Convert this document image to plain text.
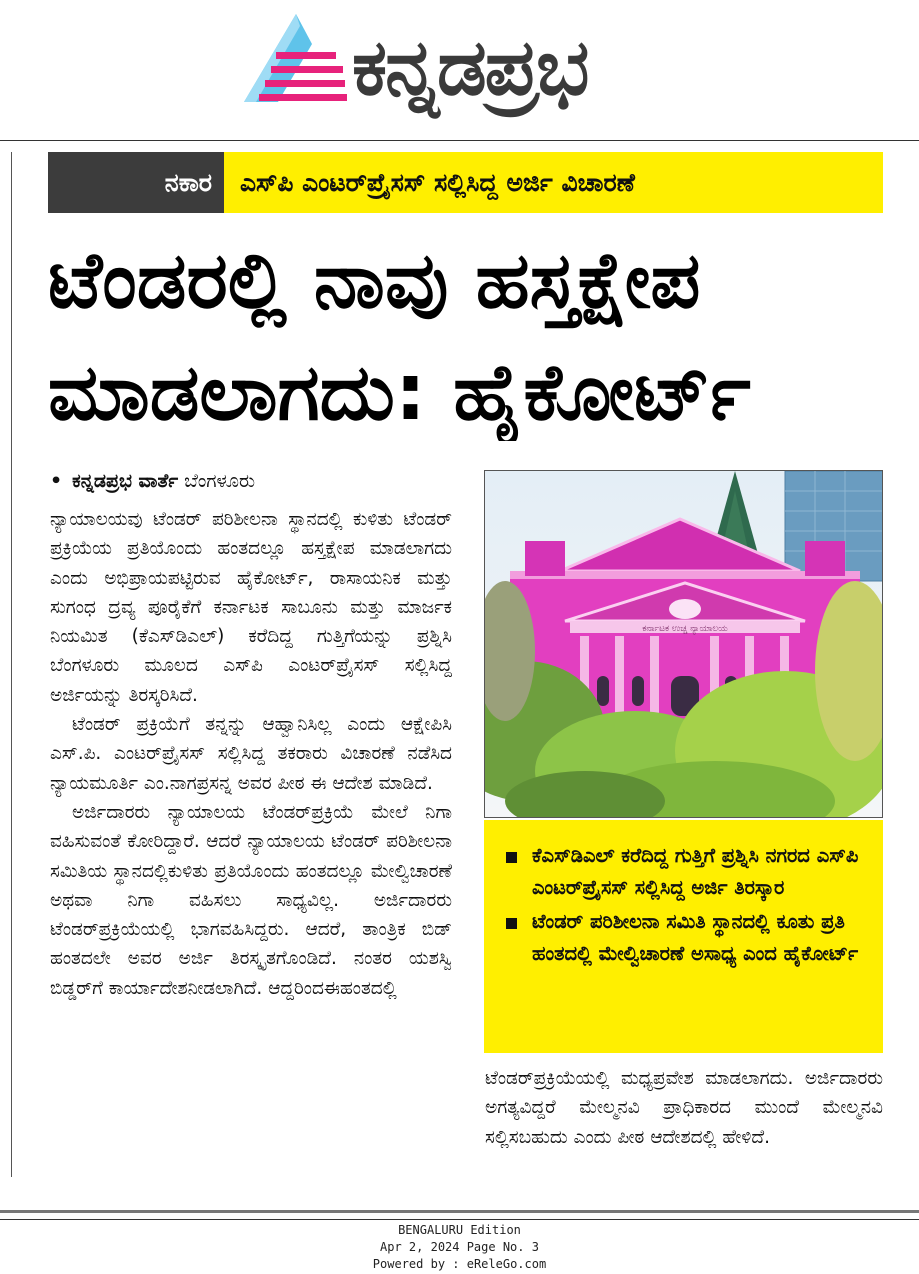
ಕನ್ನಡಪ್ರಭ
ನಕಾರ	ಎಸ್‌ಪಿ ಎಂಟರ್‌ಪ್ರೈಸಸ್ ಸಲ್ಲಿಸಿದ್ದ ಅರ್ಜಿ ವಿಚಾರಣೆ
ಟೆಂಡರಲ್ಲಿ ನಾವು ಹಸ್ತಕ್ಷೇಪ
ಮಾಡಲಾಗದು: ಹೈಕೋರ್ಟ್
• ಕನ್ನಡಪ್ರಭ ವಾರ್ತೆ ಬೆಂಗಳೂರು

ನ್ಯಾಯಾಲಯವು ಟೆಂಡರ್ ಪರಿಶೀಲನಾ ಸ್ಥಾನದಲ್ಲಿ ಕುಳಿತು ಟೆಂಡರ್ ಪ್ರಕ್ರಿಯೆಯ ಪ್ರತಿಯೊಂದು ಹಂತದಲ್ಲೂ ಹಸ್ತಕ್ಷೇಪ ಮಾಡಲಾಗದು ಎಂದು ಅಭಿಪ್ರಾಯಪಟ್ಟಿರುವ ಹೈಕೋರ್ಟ್, ರಾಸಾಯನಿಕ ಮತ್ತು ಸುಗಂಧ ದ್ರವ್ಯ ಪೂರೈಕೆಗೆ ಕರ್ನಾಟಕ ಸಾಬೂನು ಮತ್ತು ಮಾರ್ಜಕ ನಿಯಮಿತ (ಕೆಎಸ್‌ಡಿಎಲ್) ಕರೆದಿದ್ದ ಗುತ್ತಿಗೆಯನ್ನು ಪ್ರಶ್ನಿಸಿ ಬೆಂಗಳೂರು ಮೂಲದ ಎಸ್‌ಪಿ ಎಂಟರ್‌ಪ್ರೈಸಸ್ ಸಲ್ಲಿಸಿದ್ದ ಅರ್ಜಿಯನ್ನು ತಿರಸ್ಕರಿಸಿದೆ.

ಟೆಂಡರ್ ಪ್ರಕ್ರಿಯೆಗೆ ತನ್ನನ್ನು ಆಹ್ವಾನಿಸಿಲ್ಲ ಎಂದು ಆಕ್ಷೇಪಿಸಿ ಎಸ್.ಪಿ. ಎಂಟರ್‌ಪ್ರೈಸಸ್ ಸಲ್ಲಿಸಿದ್ದ ತಕರಾರು ವಿಚಾರಣೆ ನಡೆಸಿದ ನ್ಯಾಯಮೂರ್ತಿ ಎಂ.ನಾಗಪ್ರಸನ್ನ ಅವರ ಪೀಠ ಈ ಆದೇಶ ಮಾಡಿದೆ.

ಅರ್ಜಿದಾರರು ನ್ಯಾಯಾಲಯ ಟೆಂಡರ್‌ಪ್ರಕ್ರಿಯೆ ಮೇಲೆ ನಿಗಾ ವಹಿಸುವಂತೆ ಕೋರಿದ್ದಾರೆ. ಆದರೆ ನ್ಯಾಯಾಲಯ ಟೆಂಡರ್ ಪರಿಶೀಲನಾ ಸಮಿತಿಯ ಸ್ಥಾನದಲ್ಲಿಕುಳಿತು ಪ್ರತಿಯೊಂದು ಹಂತದಲ್ಲೂ ಮೇಲ್ವಿಚಾರಣೆ ಅಥವಾ ನಿಗಾ ವಹಿಸಲು ಸಾಧ್ಯವಿಲ್ಲ. ಅರ್ಜಿದಾರರು ಟೆಂಡರ್‌ಪ್ರಕ್ರಿಯೆಯಲ್ಲಿ ಭಾಗವಹಿಸಿದ್ದರು. ಆದರೆ, ತಾಂತ್ರಿಕ ಬಿಡ್ ಹಂತದಲೇ ಅವರ ಅರ್ಜಿ ತಿರಸ್ಕೃತಗೊಂಡಿದೆ. ನಂತರ ಯಶಸ್ವಿ ಬಿಡ್ಡರ್‌ಗೆ ಕಾರ್ಯಾದೇಶನೀಡಲಾಗಿದೆ. ಆದ್ದರಿಂದಈಹಂತದಲ್ಲಿ

ಕರ್ನಾಟಕ ಉಚ್ಚ ನ್ಯಾಯಾಲಯ
ಕೆಎಸ್‌ಡಿಎಲ್ ಕರೆದಿದ್ದ ಗುತ್ತಿಗೆ ಪ್ರಶ್ನಿಸಿ ನಗರದ ಎಸ್‌ಪಿ ಎಂಟರ್‌ಪ್ರೈಸಸ್ ಸಲ್ಲಿಸಿದ್ದ ಅರ್ಜಿ ತಿರಸ್ಕಾರ
ಟೆಂಡರ್ ಪರಿಶೀಲನಾ ಸಮಿತಿ ಸ್ಥಾನದಲ್ಲಿ ಕೂತು ಪ್ರತಿ ಹಂತದಲ್ಲಿ ಮೇಲ್ವಿಚಾರಣೆ ಅಸಾಧ್ಯ ಎಂದ ಹೈಕೋರ್ಟ್

ಟೆಂಡರ್‌ಪ್ರಕ್ರಿಯೆಯಲ್ಲಿ ಮಧ್ಯಪ್ರವೇಶ ಮಾಡಲಾಗದು. ಅರ್ಜಿದಾರರು ಅಗತ್ಯವಿದ್ದರೆ ಮೇಲ್ಮನವಿ ಪ್ರಾಧಿಕಾರದ ಮುಂದೆ ಮೇಲ್ಮನವಿ ಸಲ್ಲಿಸಬಹುದು ಎಂದು ಪೀಠ ಆದೇಶದಲ್ಲಿ ಹೇಳಿದೆ.

BENGALURU Edition
Apr 2, 2024 Page No. 3
Powered by : eReleGo.com
